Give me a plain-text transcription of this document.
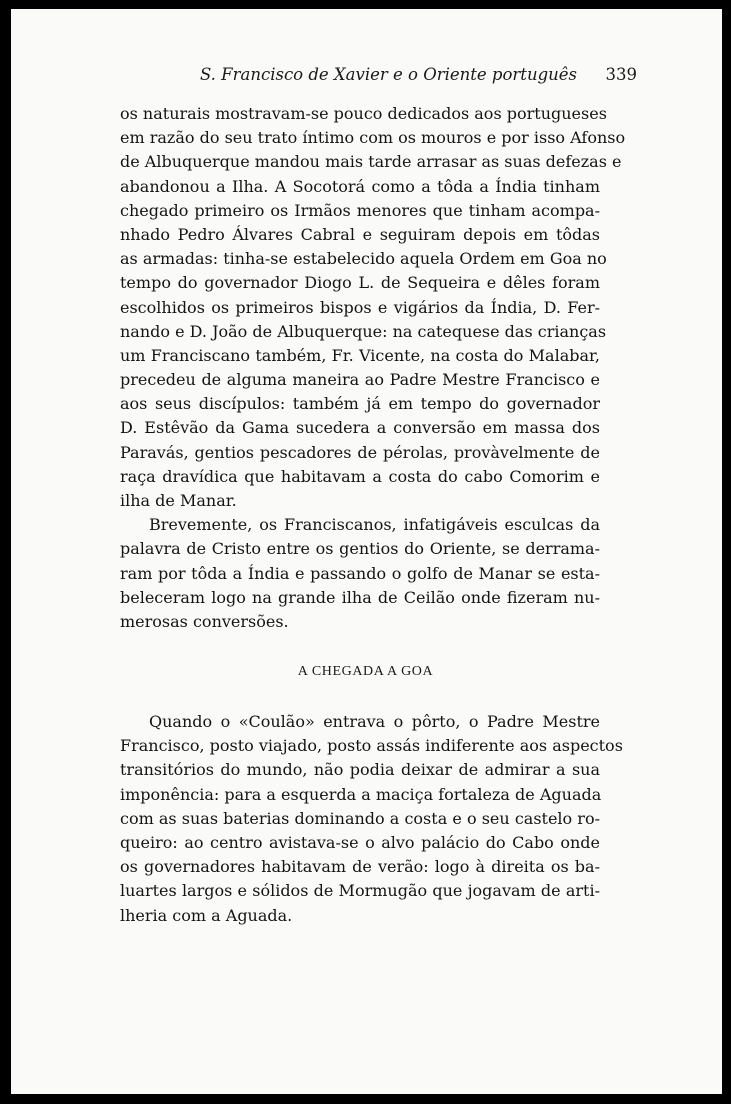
S. Francisco de Xavier e o Oriente português 339
os naturais mostravam-se pouco dedicados aos portugueses
em razão do seu trato íntimo com os mouros e por isso Afonso
de Albuquerque mandou mais tarde arrasar as suas defezas e
abandonou a Ilha. A Socotorá como a tôda a Índia tinham
chegado primeiro os Irmãos menores que tinham acompa-
nhado Pedro Álvares Cabral e seguiram depois em tôdas
as armadas: tinha-se estabelecido aquela Ordem em Goa no
tempo do governador Diogo L. de Sequeira e dêles foram
escolhidos os primeiros bispos e vigários da Índia, D. Fer-
nando e D. João de Albuquerque: na catequese das crianças
um Franciscano também, Fr. Vicente, na costa do Malabar,
precedeu de alguma maneira ao Padre Mestre Francisco e
aos seus discípulos: também já em tempo do governador
D. Estêvão da Gama sucedera a conversão em massa dos
Paravás, gentios pescadores de pérolas, provàvelmente de
raça dravídica que habitavam a costa do cabo Comorim e
ilha de Manar.
Brevemente, os Franciscanos, infatigáveis esculcas da
palavra de Cristo entre os gentios do Oriente, se derrama-
ram por tôda a Índia e passando o golfo de Manar se esta-
beleceram logo na grande ilha de Ceilão onde fizeram nu-
merosas conversões.
A CHEGADA A GOA
Quando o «Coulão» entrava o pôrto, o Padre Mestre
Francisco, posto viajado, posto assás indiferente aos aspectos
transitórios do mundo, não podia deixar de admirar a sua
imponência: para a esquerda a maciça fortaleza de Aguada
com as suas baterias dominando a costa e o seu castelo ro-
queiro: ao centro avistava-se o alvo palácio do Cabo onde
os governadores habitavam de verão: logo à direita os ba-
luartes largos e sólidos de Mormugão que jogavam de arti-
lheria com a Aguada.
